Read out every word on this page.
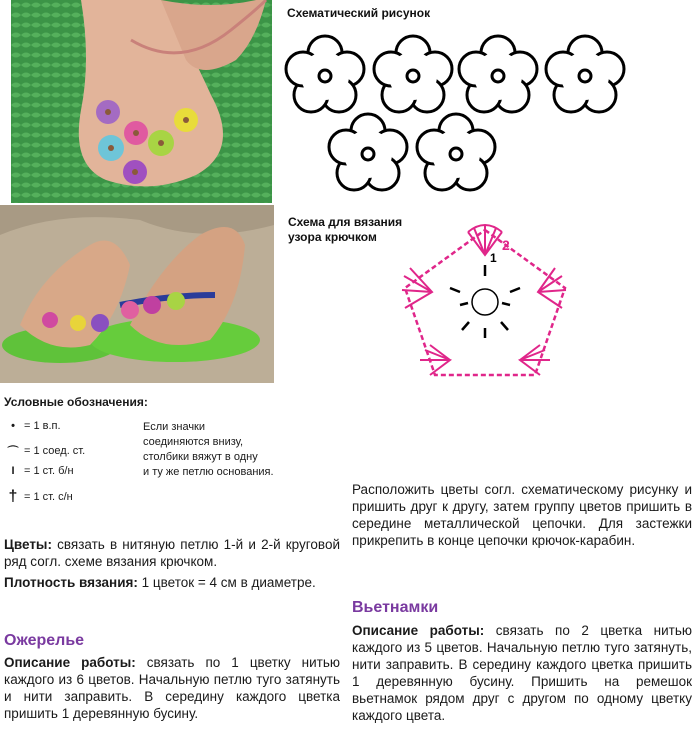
Схематический рисунок
Схема для вязания
узора крючком
1
2
Условные обозначения:
• = 1 в.п.
⌒ = 1 соед. ст.
I = 1 ст. б/н
† = 1 ст. с/н
Если значки
соединяются внизу,
столбики вяжут в одну
и ту же петлю основания.
Цветы: связать в нитяную петлю 1-й и 2-й круговой ряд согл. схеме вязания крючком.
Плотность вязания: 1 цветок = 4 см в диаметре.
Ожерелье
Описание работы: связать по 1 цветку нитью каждого из 6 цветов. Начальную петлю туго затянуть и нити заправить. В середину каждого цветка пришить 1 деревянную бусину.
Расположить цветы согл. схематическому рисунку и пришить друг к другу, затем группу цветов пришить в середине металлической цепочки. Для застежки прикрепить в конце цепочки крючок-карабин.
Вьетнамки
Описание работы: связать по 2 цветка нитью каждого из 5 цветов. Начальную петлю туго затянуть, нити заправить. В середину каждого цветка пришить 1 деревянную бусину. Пришить на ремешок вьетнамок рядом друг с другом по одному цветку каждого цвета.
